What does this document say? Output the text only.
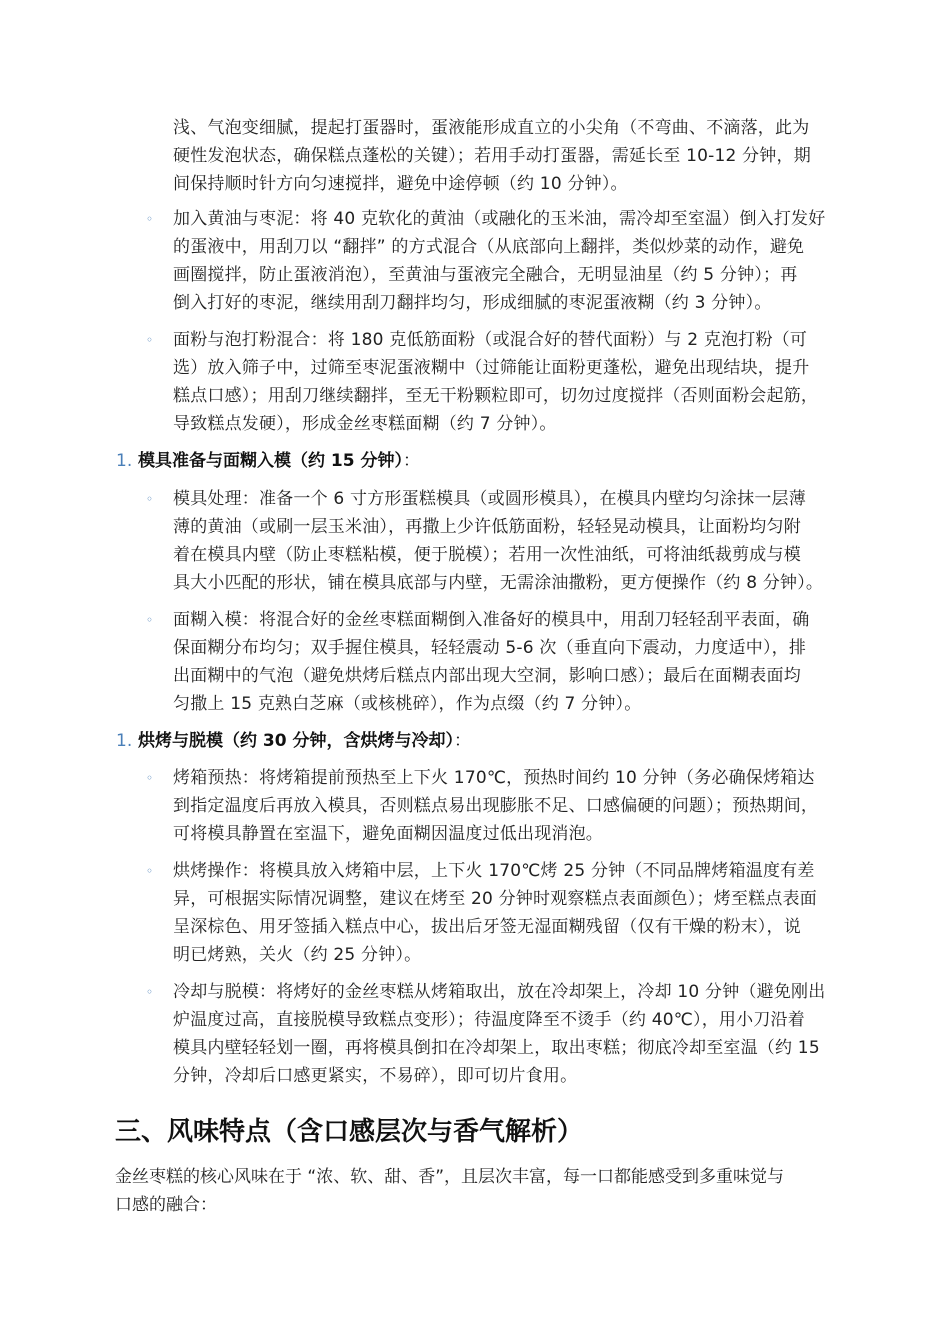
浅、气泡变细腻，提起打蛋器时，蛋液能形成直立的小尖角（不弯曲、不滴落，此为
硬性发泡状态，确保糕点蓬松的关键）；若用手动打蛋器，需延长至 10-12 分钟，期
间保持顺时针方向匀速搅拌，避免中途停顿（约 10 分钟）。
◦	加入黄油与枣泥：将 40 克软化的黄油（或融化的玉米油，需冷却至室温）倒入打发好
的蛋液中，用刮刀以 “翻拌” 的方式混合（从底部向上翻拌，类似炒菜的动作，避免
画圈搅拌，防止蛋液消泡），至黄油与蛋液完全融合，无明显油星（约 5 分钟）；再
倒入打好的枣泥，继续用刮刀翻拌均匀，形成细腻的枣泥蛋液糊（约 3 分钟）。
◦	面粉与泡打粉混合：将 180 克低筋面粉（或混合好的替代面粉）与 2 克泡打粉（可
选）放入筛子中，过筛至枣泥蛋液糊中（过筛能让面粉更蓬松，避免出现结块，提升
糕点口感）；用刮刀继续翻拌，至无干粉颗粒即可，切勿过度搅拌（否则面粉会起筋，
导致糕点发硬），形成金丝枣糕面糊（约 7 分钟）。
1. 模具准备与面糊入模（约 15 分钟）：
◦	模具处理：准备一个 6 寸方形蛋糕模具（或圆形模具），在模具内壁均匀涂抹一层薄
薄的黄油（或刷一层玉米油），再撒上少许低筋面粉，轻轻晃动模具，让面粉均匀附
着在模具内壁（防止枣糕粘模，便于脱模）；若用一次性油纸，可将油纸裁剪成与模
具大小匹配的形状，铺在模具底部与内壁，无需涂油撒粉，更方便操作（约 8 分钟）。
◦	面糊入模：将混合好的金丝枣糕面糊倒入准备好的模具中，用刮刀轻轻刮平表面，确
保面糊分布均匀；双手握住模具，轻轻震动 5-6 次（垂直向下震动，力度适中），排
出面糊中的气泡（避免烘烤后糕点内部出现大空洞，影响口感）；最后在面糊表面均
匀撒上 15 克熟白芝麻（或核桃碎），作为点缀（约 7 分钟）。
1. 烘烤与脱模（约 30 分钟，含烘烤与冷却）：
◦	烤箱预热：将烤箱提前预热至上下火 170℃，预热时间约 10 分钟（务必确保烤箱达
到指定温度后再放入模具，否则糕点易出现膨胀不足、口感偏硬的问题）；预热期间，
可将模具静置在室温下，避免面糊因温度过低出现消泡。
◦	烘烤操作：将模具放入烤箱中层，上下火 170℃烤 25 分钟（不同品牌烤箱温度有差
异，可根据实际情况调整，建议在烤至 20 分钟时观察糕点表面颜色）；烤至糕点表面
呈深棕色、用牙签插入糕点中心，拔出后牙签无湿面糊残留（仅有干燥的粉末），说
明已烤熟，关火（约 25 分钟）。
◦	冷却与脱模：将烤好的金丝枣糕从烤箱取出，放在冷却架上，冷却 10 分钟（避免刚出
炉温度过高，直接脱模导致糕点变形）；待温度降至不烫手（约 40℃），用小刀沿着
模具内壁轻轻划一圈，再将模具倒扣在冷却架上，取出枣糕；彻底冷却至室温（约 15
分钟，冷却后口感更紧实，不易碎），即可切片食用。
三、风味特点（含口感层次与香气解析）
金丝枣糕的核心风味在于 “浓、软、甜、香”，且层次丰富，每一口都能感受到多重味觉与
口感的融合：
